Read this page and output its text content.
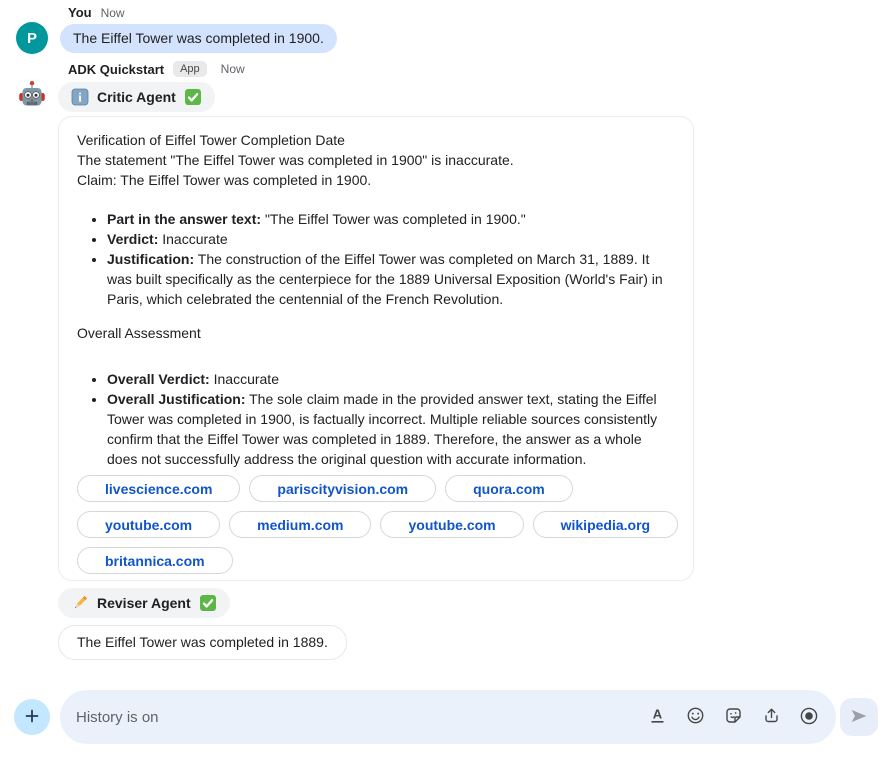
You Now
P	The Eiffel Tower was completed in 1900.
ADK Quickstart	App	Now
i Critic Agent
Verification of Eiffel Tower Completion Date
The statement "The Eiffel Tower was completed in 1900" is inaccurate.
Claim: The Eiffel Tower was completed in 1900.
• Part in the answer text: "The Eiffel Tower was completed in 1900."
• Verdict: Inaccurate
• Justification: The construction of the Eiffel Tower was completed on March 31, 1889. It was built specifically as the centerpiece for the 1889 Universal Exposition (World's Fair) in Paris, which celebrated the centennial of the French Revolution.
Overall Assessment
• Overall Verdict: Inaccurate
• Overall Justification: The sole claim made in the provided answer text, stating the Eiffel Tower was completed in 1900, is factually incorrect. Multiple reliable sources consistently confirm that the Eiffel Tower was completed in 1889. Therefore, the answer as a whole does not successfully address the original question with accurate information.
livescience.com	pariscityvision.com	quora.com
youtube.com	medium.com	youtube.com	wikipedia.org
britannica.com
Reviser Agent
The Eiffel Tower was completed in 1889.
History is on	A
